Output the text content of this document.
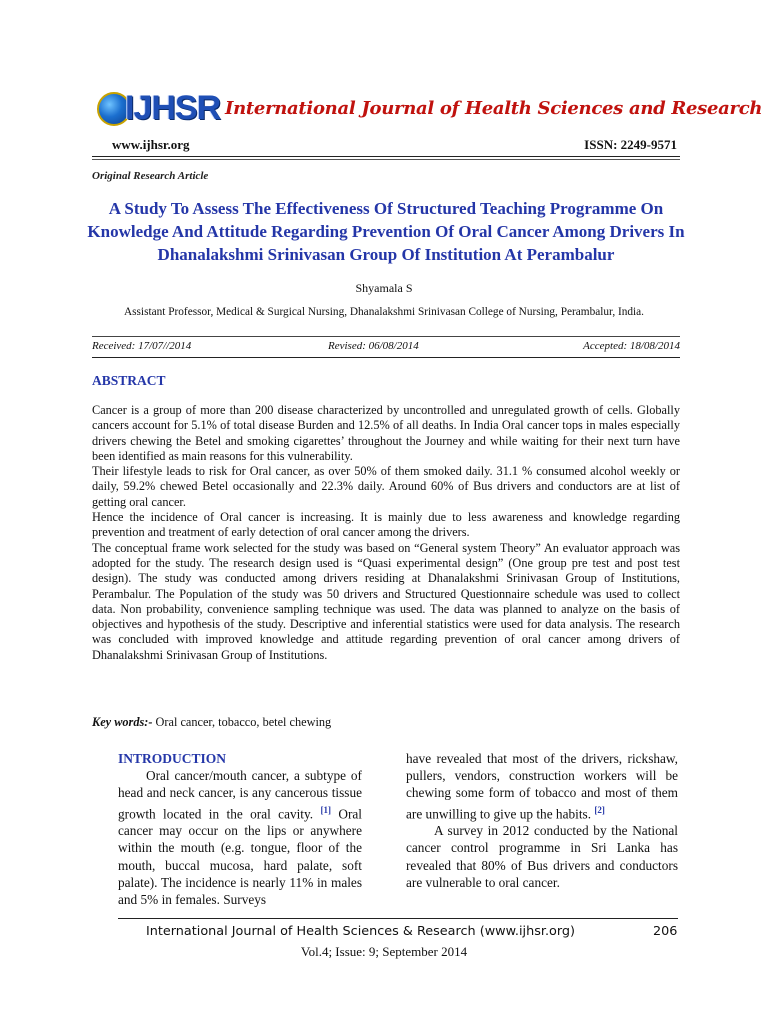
IJHSR International Journal of Health Sciences and Research
www.ijhsr.org	ISSN: 2249-9571
Original Research Article
A Study To Assess The Effectiveness Of Structured Teaching Programme On Knowledge And Attitude Regarding Prevention Of Oral Cancer Among Drivers In Dhanalakshmi Srinivasan Group Of Institution At Perambalur
Shyamala S
Assistant Professor, Medical & Surgical Nursing, Dhanalakshmi Srinivasan College of Nursing, Perambalur, India.
Received: 17/07//2014	Revised: 06/08/2014	Accepted: 18/08/2014
ABSTRACT

Cancer is a group of more than 200 disease characterized by uncontrolled and unregulated growth of cells. Globally cancers account for 5.1% of total disease Burden and 12.5% of all deaths. In India Oral cancer tops in males especially drivers chewing the Betel and smoking cigarettes’ throughout the Journey and while waiting for their next turn have been identified as main reasons for this vulnerability.

Their lifestyle leads to risk for Oral cancer, as over 50% of them smoked daily. 31.1 % consumed alcohol weekly or daily, 59.2% chewed Betel occasionally and 22.3% daily. Around 60% of Bus drivers and conductors are at list of getting oral cancer.

Hence the incidence of Oral cancer is increasing. It is mainly due to less awareness and knowledge regarding prevention and treatment of early detection of oral cancer among the drivers.

The conceptual frame work selected for the study was based on “General system Theory” An evaluator approach was adopted for the study. The research design used is “Quasi experimental design” (One group pre test and post test design). The study was conducted among drivers residing at Dhanalakshmi Srinivasan Group of Institutions, Perambalur. The Population of the study was 50 drivers and Structured Questionnaire schedule was used to collect data. Non probability, convenience sampling technique was used. The data was planned to analyze on the basis of objectives and hypothesis of the study. Descriptive and inferential statistics were used for data analysis. The research was concluded with improved knowledge and attitude regarding prevention of oral cancer among drivers of Dhanalakshmi Srinivasan Group of Institutions.

Key words:- Oral cancer, tobacco, betel chewing

INTRODUCTION

Oral cancer/mouth cancer, a subtype of head and neck cancer, is any cancerous tissue growth located in the oral cavity. [1] Oral cancer may occur on the lips or anywhere within the mouth (e.g. tongue, floor of the mouth, buccal mucosa, hard palate, soft palate). The incidence is nearly 11% in males and 5% in females. Surveys

have revealed that most of the drivers, rickshaw, pullers, vendors, construction workers will be chewing some form of tobacco and most of them are unwilling to give up the habits. [2]

A survey in 2012 conducted by the National cancer control programme in Sri Lanka has revealed that 80% of Bus drivers and conductors are vulnerable to oral cancer.

International Journal of Health Sciences & Research (www.ijhsr.org)	206
Vol.4; Issue: 9; September 2014
